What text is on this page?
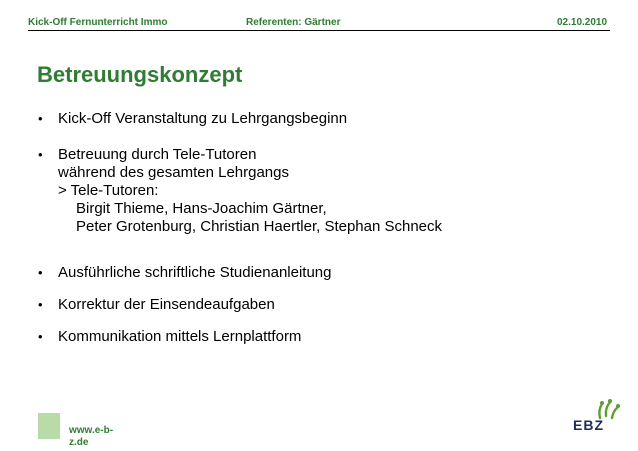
Kick-Off Fernunterricht Immo	Referenten: Gärtner	02.10.2010
Betreuungskonzept
•	Kick-Off Veranstaltung zu Lehrgangsbeginn
•	Betreuung durch Tele-Tutoren
während des gesamten Lehrgangs
> Tele-Tutoren:
Birgit Thieme, Hans-Joachim Gärtner,
Peter Grotenburg, Christian Haertler, Stephan Schneck
•	Ausführliche schriftliche Studienanleitung
•	Korrektur der Einsendeaufgaben
•	Kommunikation mittels Lernplattform
www.e-b-
z.de
EBZ
